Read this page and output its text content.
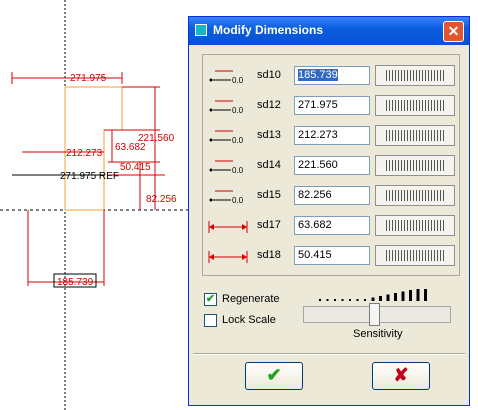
271.975
221.560
63.682
212.273
271.975 REF
50.415
82.256
185.739
Modify Dimensions	✕
0.0 sd10	185.739
0.0 sd12	271.975
0.0 sd13	212.273
0.0 sd14	221.560
0.0 sd15	82.256
sd17	63.682
sd18	50.415
✔ Regenerate
Lock Scale
Sensitivity
✔	✘
